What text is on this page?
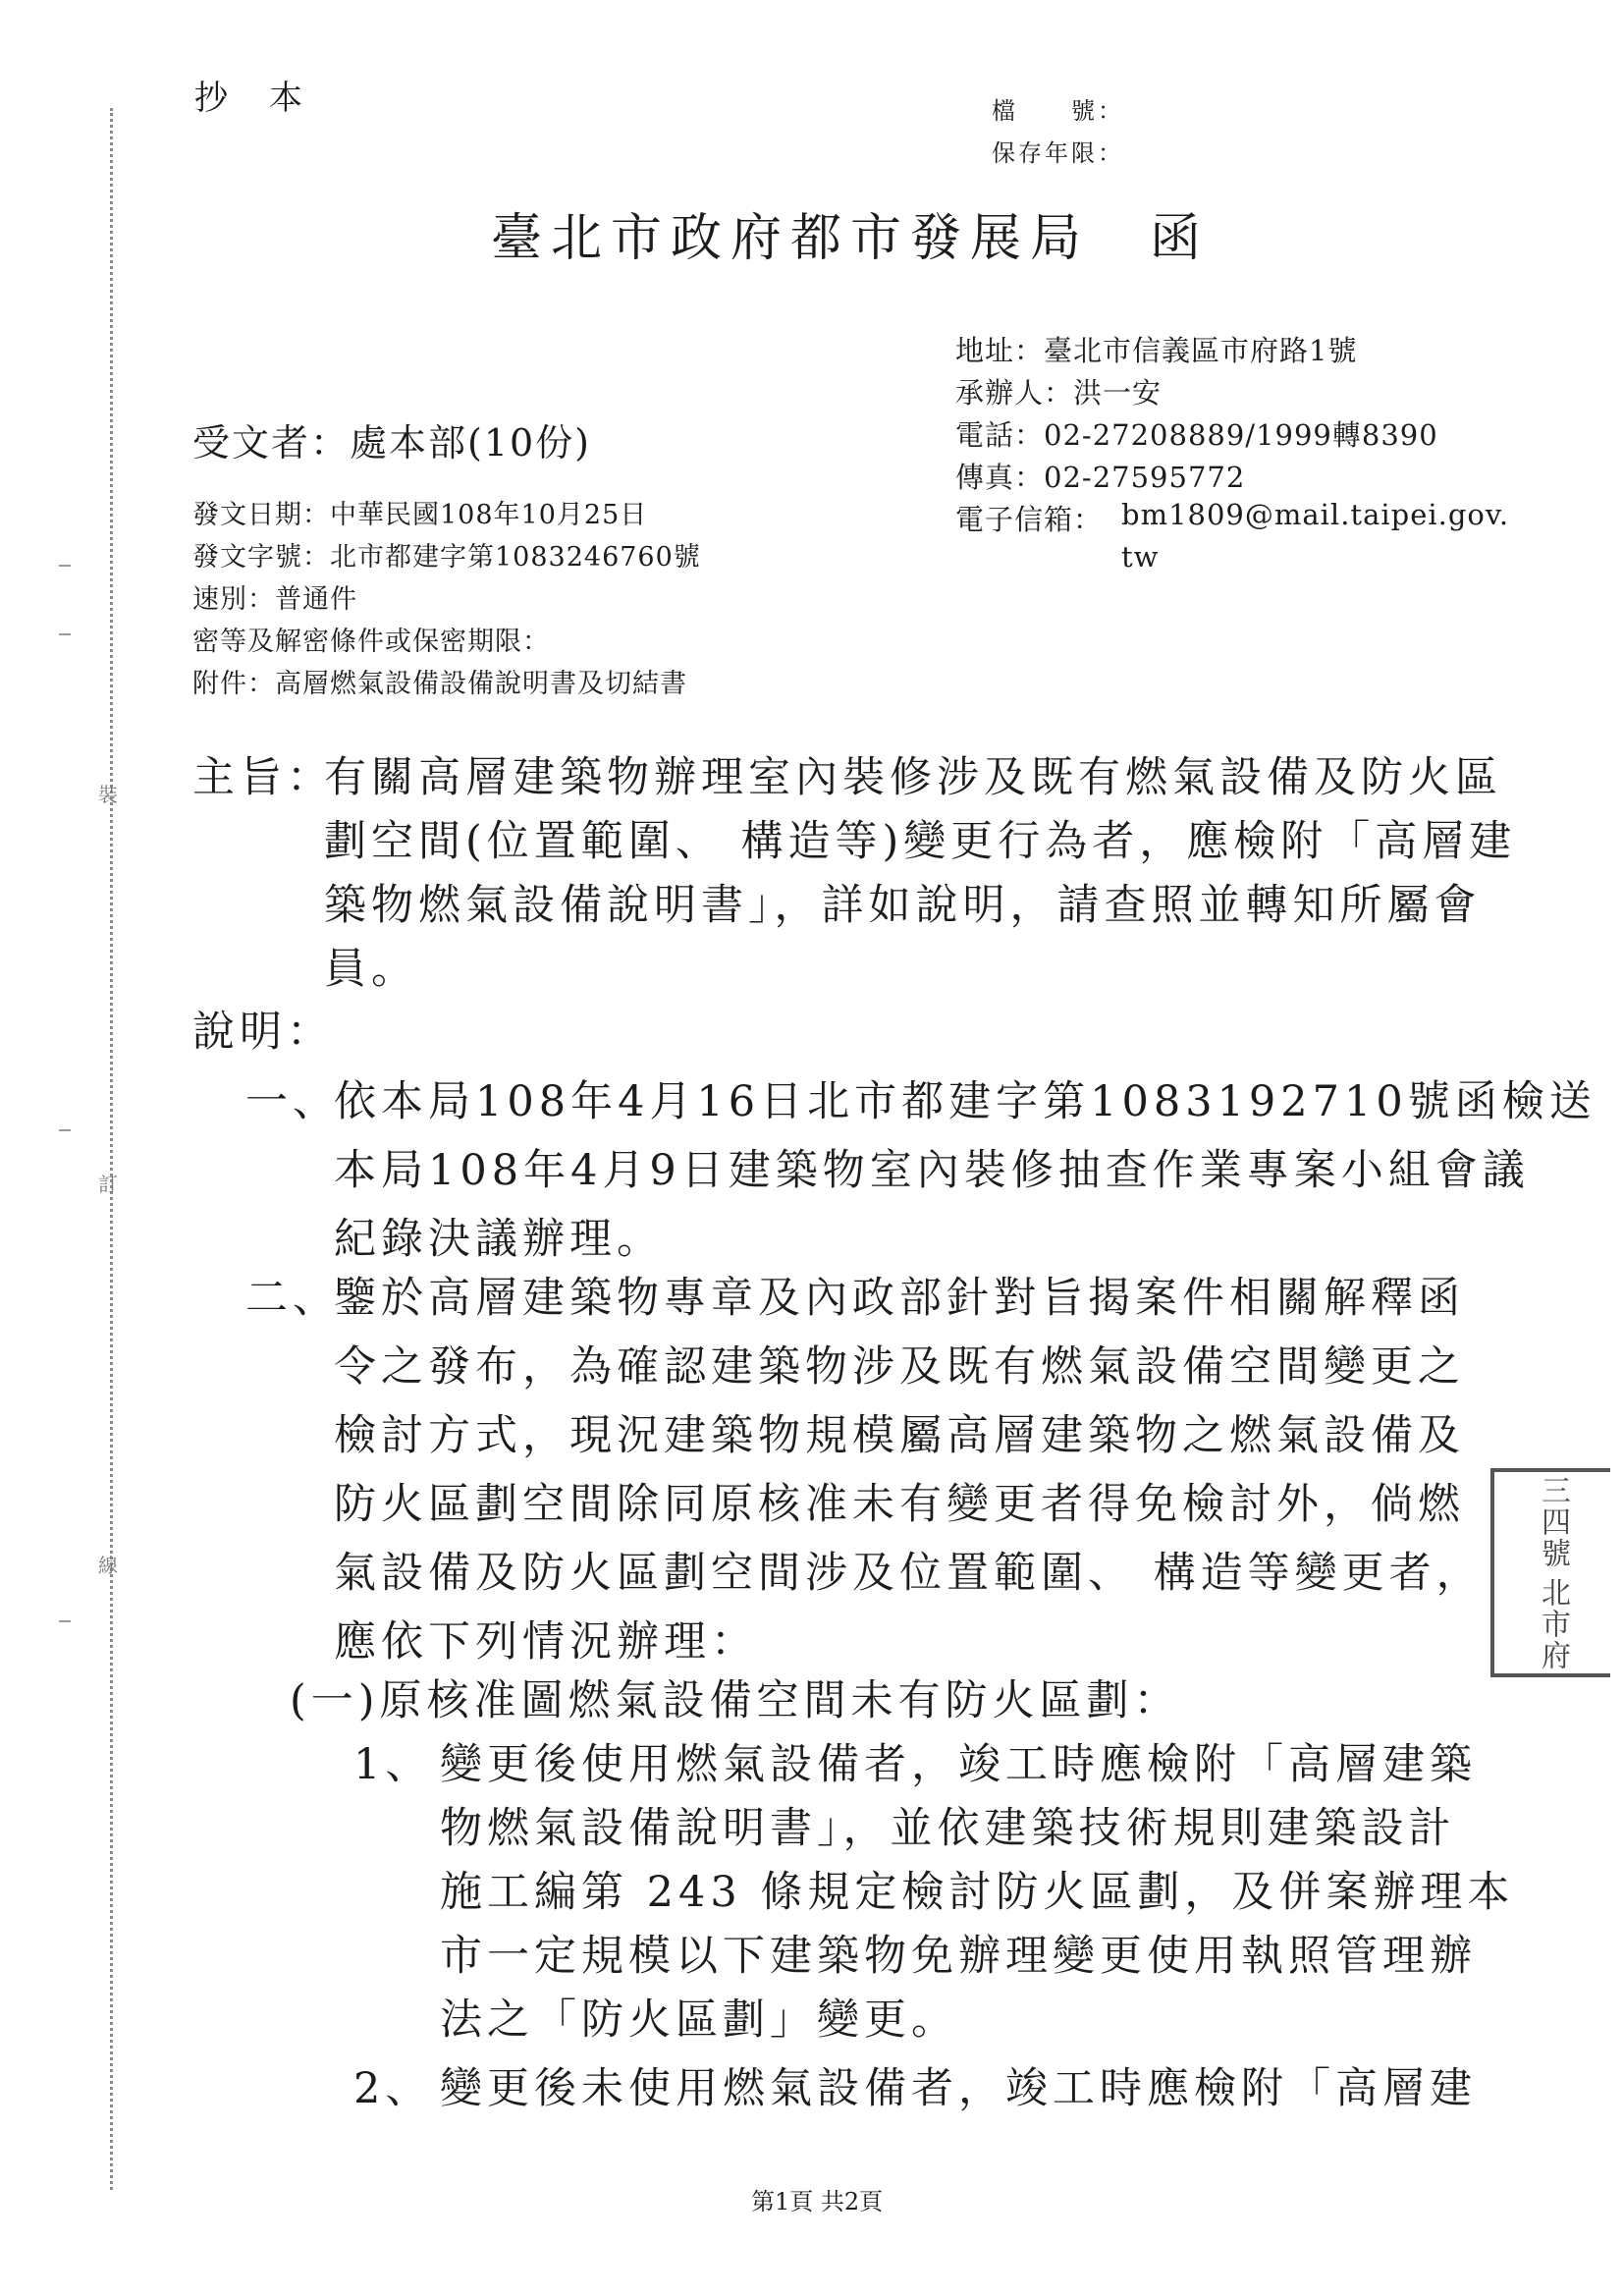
裝
訂
線
抄本	檔　　號：
保存年限：
臺北市政府都市發展局　函
地址：臺北市信義區市府路1號
承辦人：洪一安
電話：02-27208889/1999轉8390
傳真：02-27595772
電子信箱： bm1809@mail.taipei.gov.
tw
受文者：處本部(10份)
發文日期：中華民國108年10月25日
發文字號：北市都建字第1083246760號
速別：普通件
密等及解密條件或保密期限：
附件：高層燃氣設備設備說明書及切結書
主旨：
有關高層建築物辦理室內裝修涉及既有燃氣設備及防火區
劃空間(位置範圍、 構造等)變更行為者，應檢附「高層建
築物燃氣設備說明書」，詳如說明，請查照並轉知所屬會
員。
說明：
一、
依本局108年4月16日北市都建字第1083192710號函檢送
本局108年4月9日建築物室內裝修抽查作業專案小組會議
紀錄決議辦理。
二、
鑒於高層建築物專章及內政部針對旨揭案件相關解釋函
令之發布，為確認建築物涉及既有燃氣設備空間變更之
檢討方式，現況建築物規模屬高層建築物之燃氣設備及
防火區劃空間除同原核准未有變更者得免檢討外，倘燃
氣設備及防火區劃空間涉及位置範圍、 構造等變更者，
應依下列情況辦理：
(一)原核准圖燃氣設備空間未有防火區劃：
1、 變更後使用燃氣設備者，竣工時應檢附「高層建築
物燃氣設備說明書」，並依建築技術規則建築設計
施工編第 243 條規定檢討防火區劃，及併案辦理本
市一定規模以下建築物免辦理變更使用執照管理辦
法之「防火區劃」變更。
2、 變更後未使用燃氣設備者，竣工時應檢附「高層建
三四號
北市府
第1頁 共2頁
